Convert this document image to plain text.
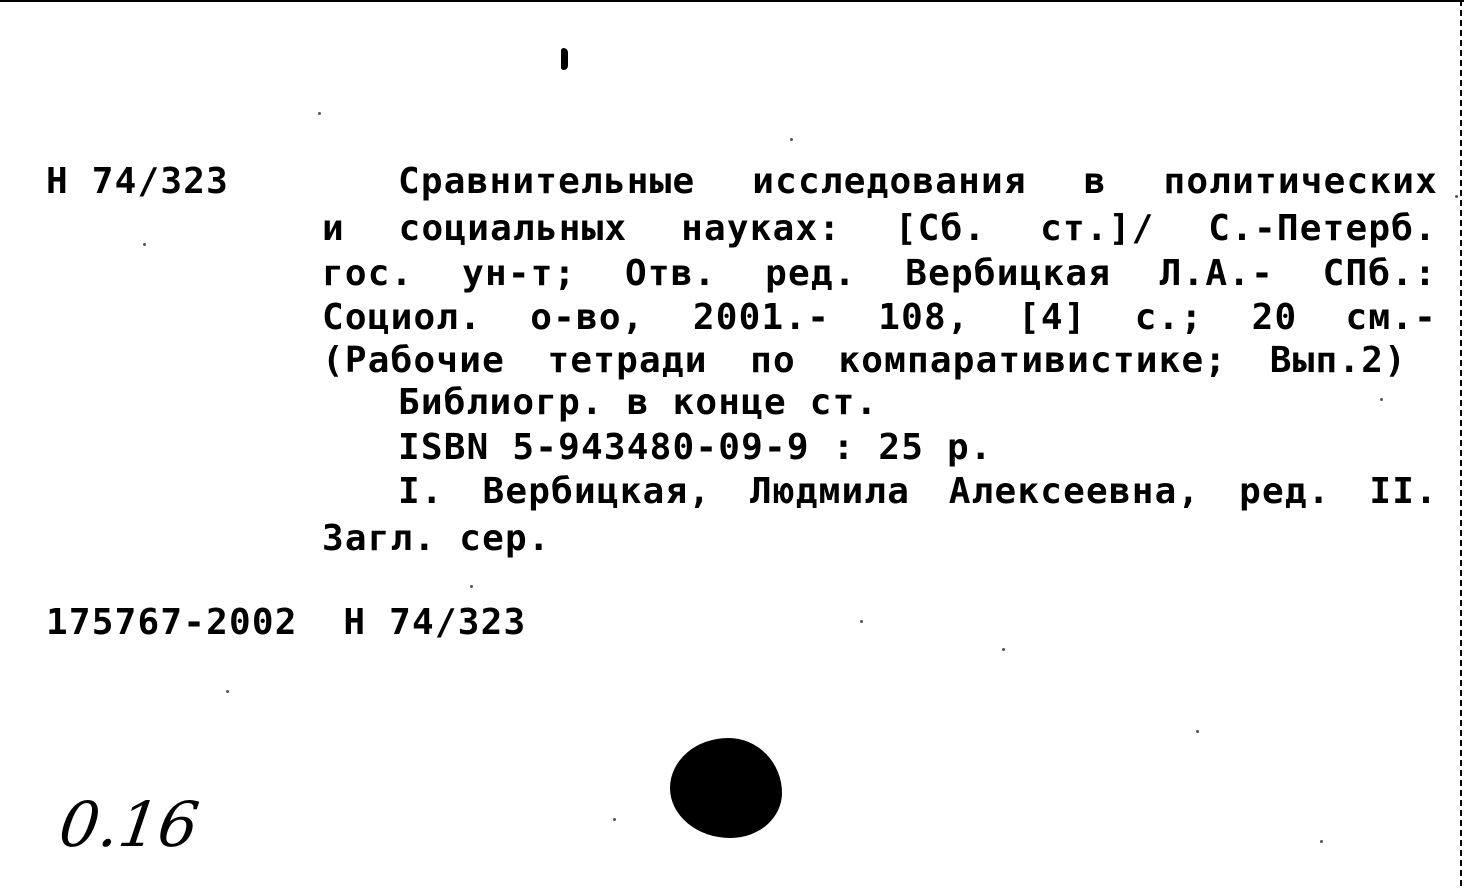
Н 74/323	Сравнительные исследования в политических
и социальных науках: [Сб. ст.]/ С.-Петерб.
гос. ун-т; Отв. ред. Вербицкая Л.А.- СПб.:
Социол. о-во, 2001.- 108, [4] с.; 20 см.-
(Рабочие тетради по компаративистике; Вып.2)
Библиогр. в конце ст.
ISBN 5-943480-09-9 : 25 р.
I. Вербицкая, Людмила Алексеевна, ред. II.
Загл. сер.
175767-2002  Н 74/323
0.16
